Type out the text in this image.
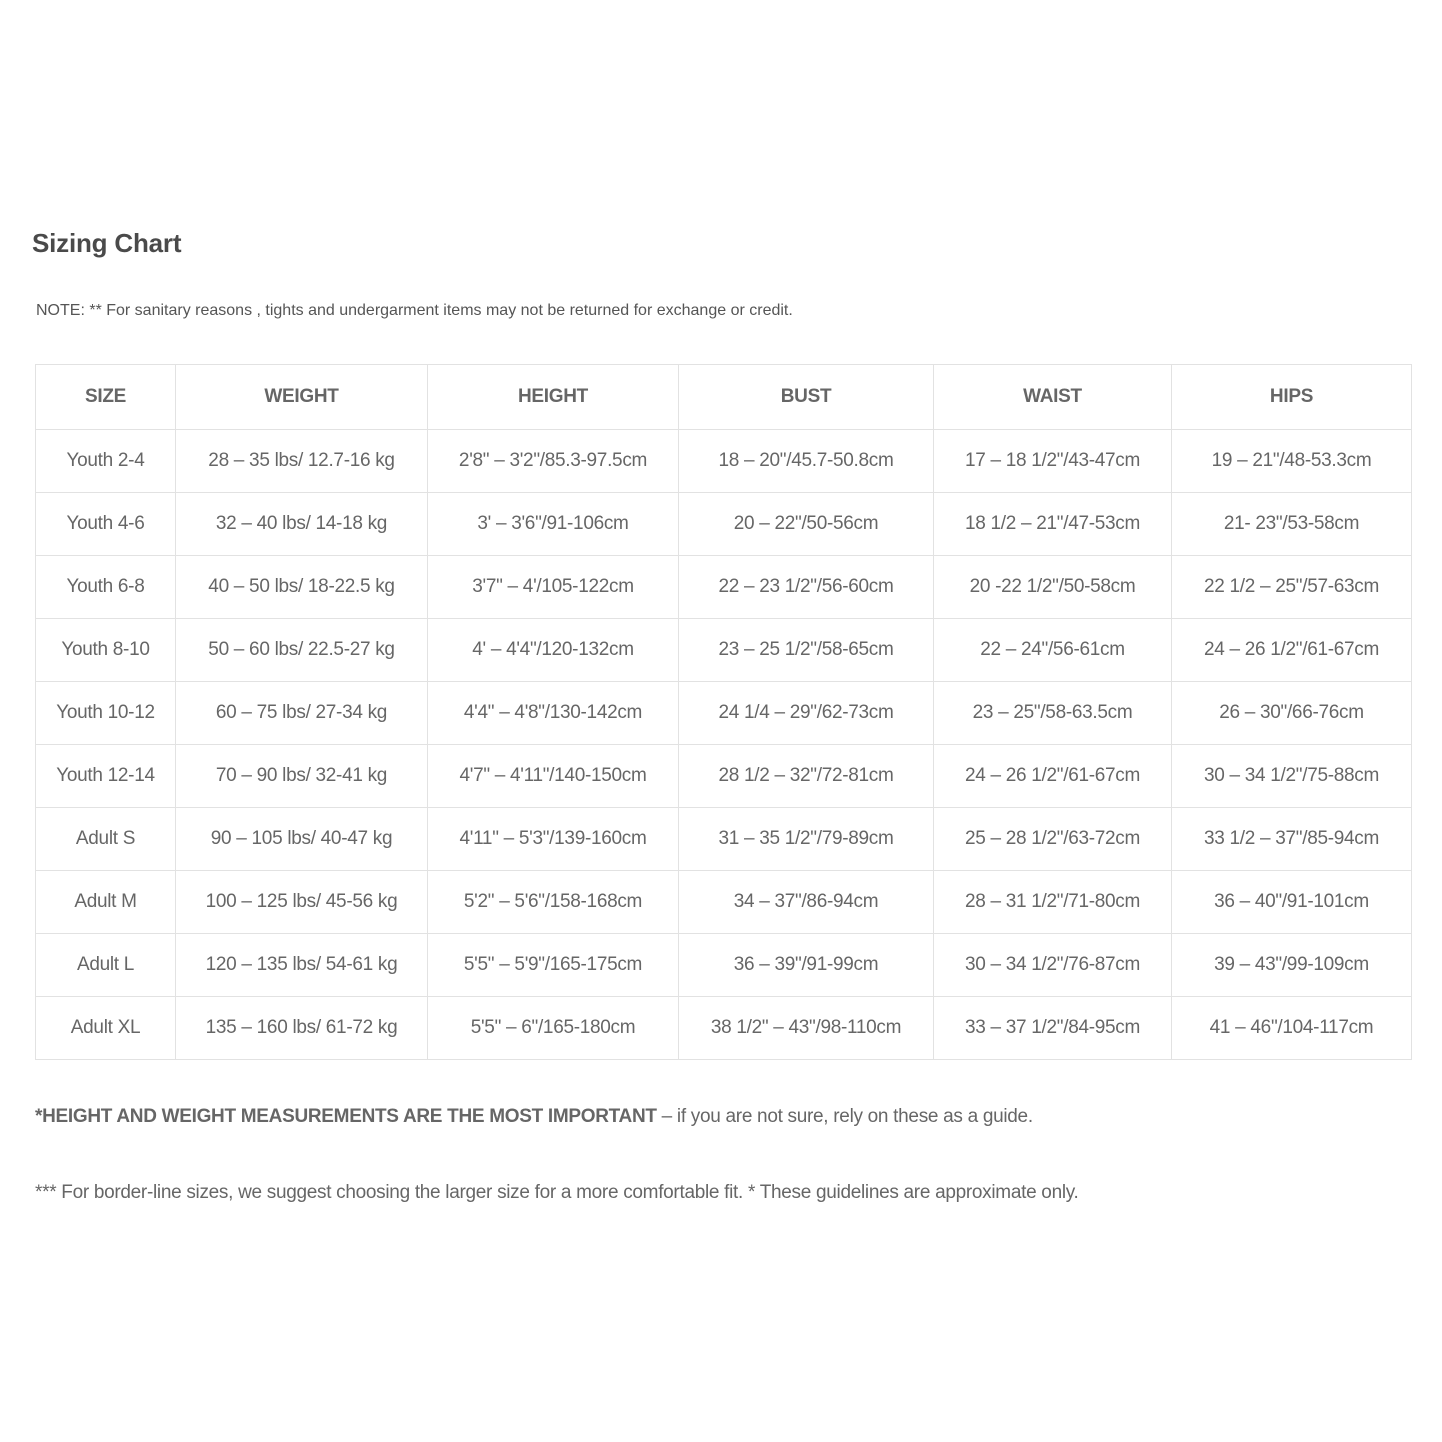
Sizing Chart

NOTE: ** For sanitary reasons , tights and undergarment items may not be returned for exchange or credit.

SIZE	WEIGHT	HEIGHT	BUST	WAIST	HIPS
Youth 2-4	28 – 35 lbs/ 12.7-16 kg	2'8" – 3'2"/85.3-97.5cm	18 – 20"/45.7-50.8cm	17 – 18 1/2"/43-47cm	19 – 21"/48-53.3cm
Youth 4-6	32 – 40 lbs/ 14-18 kg	3' – 3'6"/91-106cm	20 – 22"/50-56cm	18 1/2 – 21"/47-53cm	21- 23"/53-58cm
Youth 6-8	40 – 50 lbs/ 18-22.5 kg	3'7" – 4'/105-122cm	22 – 23 1/2"/56-60cm	20 -22 1/2"/50-58cm	22 1/2 – 25"/57-63cm
Youth 8-10	50 – 60 lbs/ 22.5-27 kg	4' – 4'4"/120-132cm	23 – 25 1/2"/58-65cm	22 – 24"/56-61cm	24 – 26 1/2"/61-67cm
Youth 10-12	60 – 75 lbs/ 27-34 kg	4'4" – 4'8"/130-142cm	24 1/4 – 29"/62-73cm	23 – 25"/58-63.5cm	26 – 30"/66-76cm
Youth 12-14	70 – 90 lbs/ 32-41 kg	4'7" – 4'11"/140-150cm	28 1/2 – 32"/72-81cm	24 – 26 1/2"/61-67cm	30 – 34 1/2"/75-88cm
Adult S	90 – 105 lbs/ 40-47 kg	4'11" – 5'3"/139-160cm	31 – 35 1/2"/79-89cm	25 – 28 1/2"/63-72cm	33 1/2 – 37"/85-94cm
Adult M	100 – 125 lbs/ 45-56 kg	5'2" – 5'6"/158-168cm	34 – 37"/86-94cm	28 – 31 1/2"/71-80cm	36 – 40"/91-101cm
Adult L	120 – 135 lbs/ 54-61 kg	5'5" – 5'9"/165-175cm	36 – 39"/91-99cm	30 – 34 1/2"/76-87cm	39 – 43"/99-109cm
Adult XL	135 – 160 lbs/ 61-72 kg	5'5" – 6"/165-180cm	38 1/2" – 43"/98-110cm	33 – 37 1/2"/84-95cm	41 – 46"/104-117cm

*HEIGHT AND WEIGHT MEASUREMENTS ARE THE MOST IMPORTANT – if you are not sure, rely on these as a guide.

*** For border-line sizes, we suggest choosing the larger size for a more comfortable fit. * These guidelines are approximate only.
